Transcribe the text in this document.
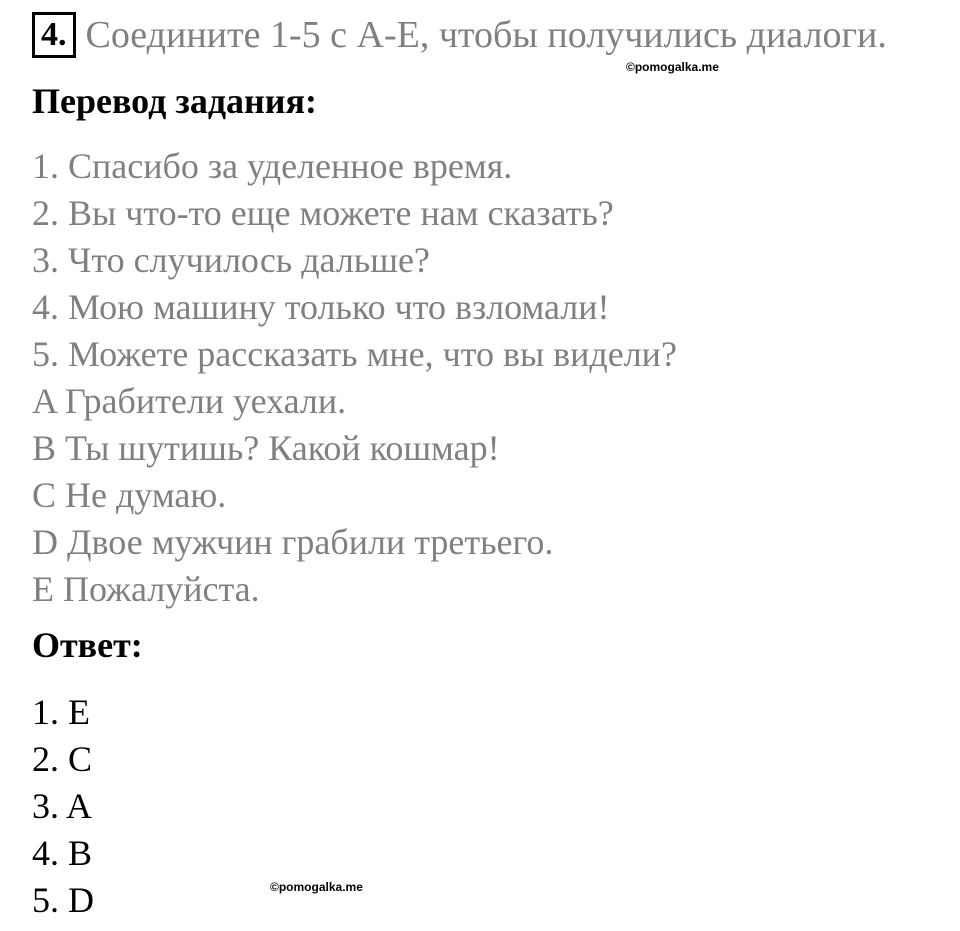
4. Соедините 1-5 с A-E, чтобы получились диалоги.
©pomogalka.me
Перевод задания:
1. Спасибо за уделенное время.
2. Вы что-то еще можете нам сказать?
3. Что случилось дальше?
4. Мою машину только что взломали!
5. Можете рассказать мне, что вы видели?
A Грабители уехали.
B Ты шутишь? Какой кошмар!
C Не думаю.
D Двое мужчин грабили третьего.
E Пожалуйста.
Ответ:
1. E
2. C
3. A
4. B
5. D	©pomogalka.me
